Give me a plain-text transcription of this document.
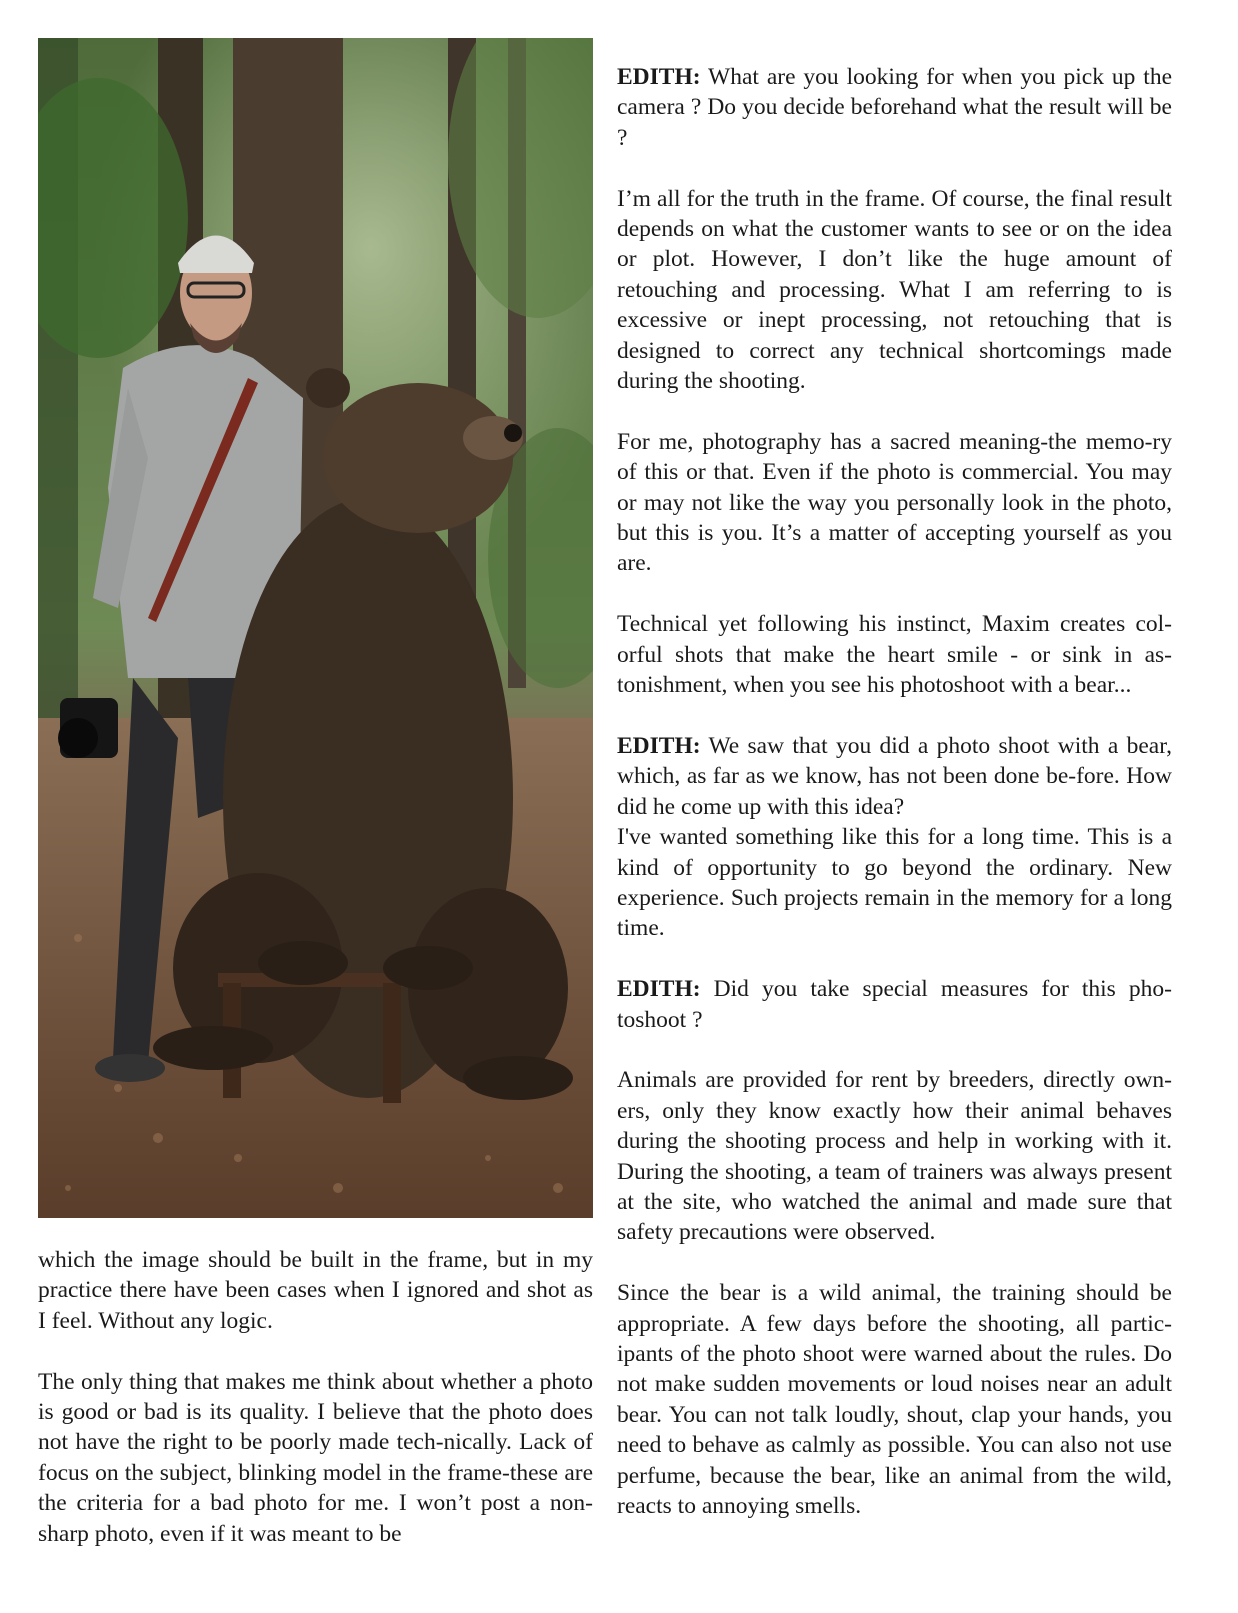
which the image should be built in the frame, but in my practice there have been cases when I ignored and shot as I feel. Without any logic.

The only thing that makes me think about whether a photo is good or bad is its quality. I believe that the photo does not have the right to be poorly made tech-nically. Lack of focus on the subject, blinking model in the frame-these are the criteria for a bad photo for me. I won’t post a non-sharp photo, even if it was meant to be

EDITH: What are you looking for when you pick up the camera ? Do you decide beforehand what the result will be ?

I’m all for the truth in the frame. Of course, the final result depends on what the customer wants to see or on the idea or plot. However, I don’t like the huge amount of retouching and processing. What I am referring to is excessive or inept processing, not retouching that is designed to correct any technical shortcomings made during the shooting.

For me, photography has a sacred meaning-the memo-ry of this or that. Even if the photo is commercial. You may or may not like the way you personally look in the photo, but this is you. It’s a matter of accepting yourself as you are.

Technical yet following his instinct, Maxim creates col-orful shots that make the heart smile - or sink in as-tonishment, when you see his photoshoot with a bear...

EDITH: We saw that you did a photo shoot with a bear, which, as far as we know, has not been done be-fore. How did he come up with this idea?
I've wanted something like this for a long time. This is a kind of opportunity to go beyond the ordinary. New experience. Such projects remain in the memory for a long time.

EDITH: Did you take special measures for this pho-toshoot ?

Animals are provided for rent by breeders, directly own-ers, only they know exactly how their animal behaves during the shooting process and help in working with it. During the shooting, a team of trainers was always present at the site, who watched the animal and made sure that safety precautions were observed.

Since the bear is a wild animal, the training should be appropriate. A few days before the shooting, all partic-ipants of the photo shoot were warned about the rules. Do not make sudden movements or loud noises near an adult bear. You can not talk loudly, shout, clap your hands, you need to behave as calmly as possible. You can also not use perfume, because the bear, like an animal from the wild, reacts to annoying smells.
